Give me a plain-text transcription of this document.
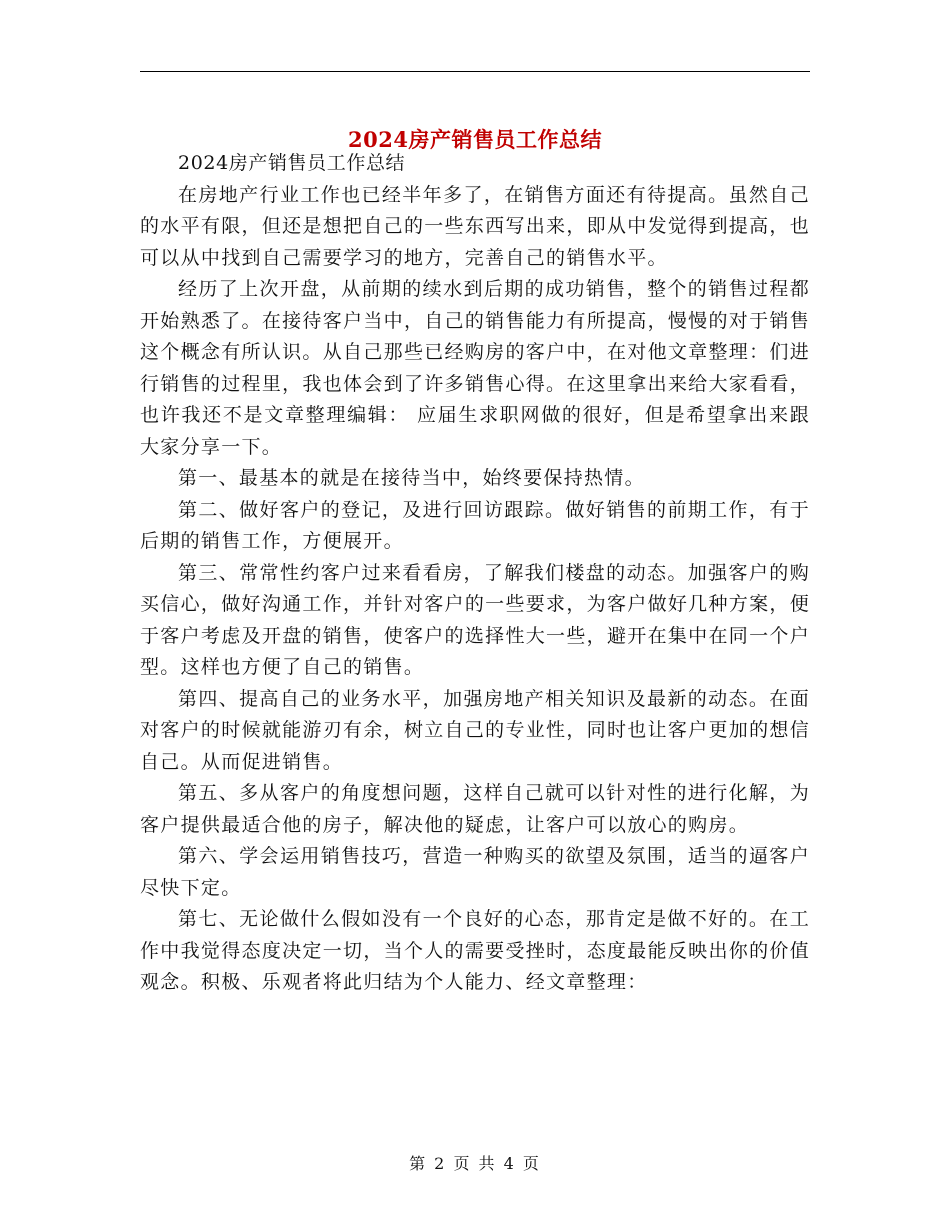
2024房产销售员工作总结

2024房产销售员工作总结

在房地产行业工作也已经半年多了，在销售方面还有待提高。虽然自己的水平有限，但还是想把自己的一些东西写出来，即从中发觉得到提高，也可以从中找到自己需要学习的地方，完善自己的销售水平。

经历了上次开盘，从前期的续水到后期的成功销售，整个的销售过程都开始熟悉了。在接待客户当中，自己的销售能力有所提高，慢慢的对于销售这个概念有所认识。从自己那些已经购房的客户中，在对他文章整理：们进行销售的过程里，我也体会到了许多销售心得。在这里拿出来给大家看看，也许我还不是文章整理编辑： 应届生求职网做的很好，但是希望拿出来跟大家分享一下。

第一、最基本的就是在接待当中，始终要保持热情。

第二、做好客户的登记，及进行回访跟踪。做好销售的前期工作，有于后期的销售工作，方便展开。

第三、常常性约客户过来看看房，了解我们楼盘的动态。加强客户的购买信心，做好沟通工作，并针对客户的一些要求，为客户做好几种方案，便于客户考虑及开盘的销售，使客户的选择性大一些，避开在集中在同一个户型。这样也方便了自己的销售。

第四、提高自己的业务水平，加强房地产相关知识及最新的动态。在面对客户的时候就能游刃有余，树立自己的专业性，同时也让客户更加的想信自己。从而促进销售。

第五、多从客户的角度想问题，这样自己就可以针对性的进行化解，为客户提供最适合他的房子，解决他的疑虑，让客户可以放心的购房。

第六、学会运用销售技巧，营造一种购买的欲望及氛围，适当的逼客户尽快下定。

第七、无论做什么假如没有一个良好的心态，那肯定是做不好的。在工作中我觉得态度决定一切，当个人的需要受挫时，态度最能反映出你的价值观念。积极、乐观者将此归结为个人能力、经文章整理：

第 2 页 共 4 页
